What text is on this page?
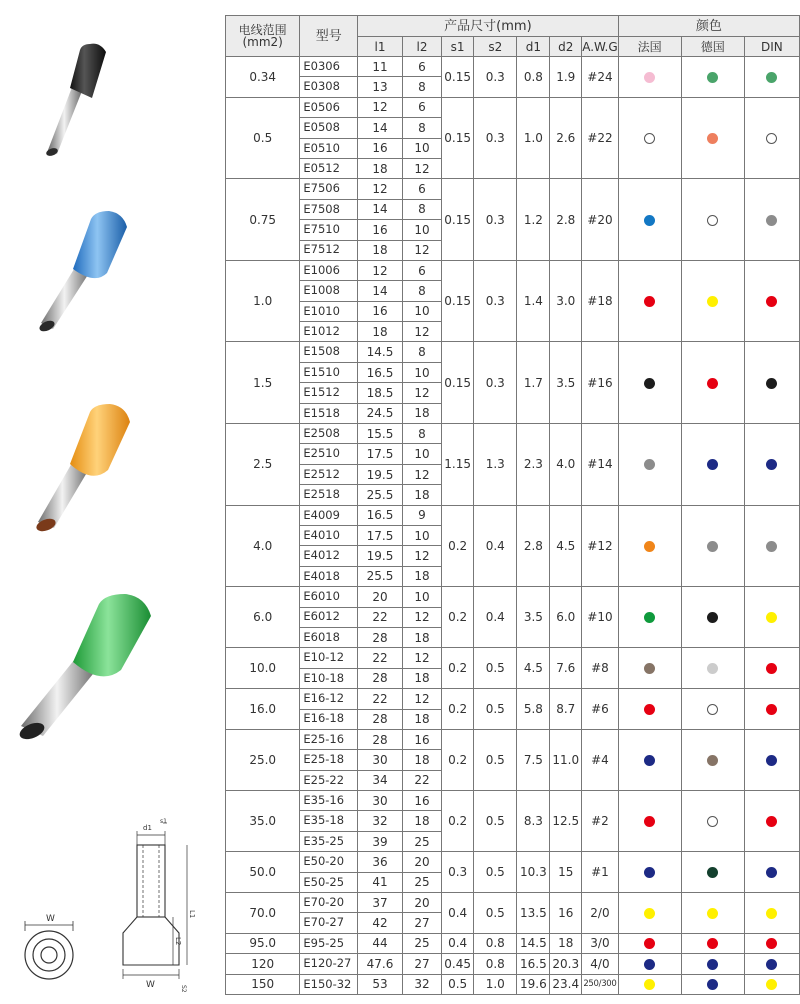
电线范围
(mm2)	型号	产品尺寸(mm)							颜色		
		l1	l2	s1	s2	d1	d2	A.W.G	法国	德国	DIN
0.34	E0306	11	6	0.15	0.3	0.8	1.9	#24			
	E0308	13	8								
0.5	E0506	12	6	0.15	0.3	1.0	2.6	#22			
	E0508	14	8								
	E0510	16	10								
	E0512	18	12								
0.75	E7506	12	6	0.15	0.3	1.2	2.8	#20			
	E7508	14	8								
	E7510	16	10								
	E7512	18	12								
1.0	E1006	12	6	0.15	0.3	1.4	3.0	#18			
	E1008	14	8								
	E1010	16	10								
	E1012	18	12								
1.5	E1508	14.5	8	0.15	0.3	1.7	3.5	#16			
	E1510	16.5	10								
	E1512	18.5	12								
	E1518	24.5	18								
2.5	E2508	15.5	8	1.15	1.3	2.3	4.0	#14			
	E2510	17.5	10								
	E2512	19.5	12								
	E2518	25.5	18								
4.0	E4009	16.5	9	0.2	0.4	2.8	4.5	#12			
	E4010	17.5	10								
	E4012	19.5	12								
	E4018	25.5	18								
6.0	E6010	20	10	0.2	0.4	3.5	6.0	#10			
	E6012	22	12								
	E6018	28	18								
10.0	E10-12	22	12	0.2	0.5	4.5	7.6	#8			
	E10-18	28	18								
16.0	E16-12	22	12	0.2	0.5	5.8	8.7	#6			
	E16-18	28	18								
25.0	E25-16	28	16	0.2	0.5	7.5	11.0	#4			
	E25-18	30	18								
	E25-22	34	22								
35.0	E35-16	30	16	0.2	0.5	8.3	12.5	#2			
	E35-18	32	18								
	E35-25	39	25								
50.0	E50-20	36	20	0.3	0.5	10.3	15	#1			
	E50-25	41	25								
70.0	E70-20	37	20	0.4	0.5	13.5	16	2/0			
	E70-27	42	27								
95.0	E95-25	44	25	0.4	0.8	14.5	18	3/0			
120	E120-27	47.6	27	0.45	0.8	16.5	20.3	4/0			
150	E150-32	53	32	0.5	1.0	19.6	23.4	250/300			
W
d1
s1
L1
L2
W	S2
